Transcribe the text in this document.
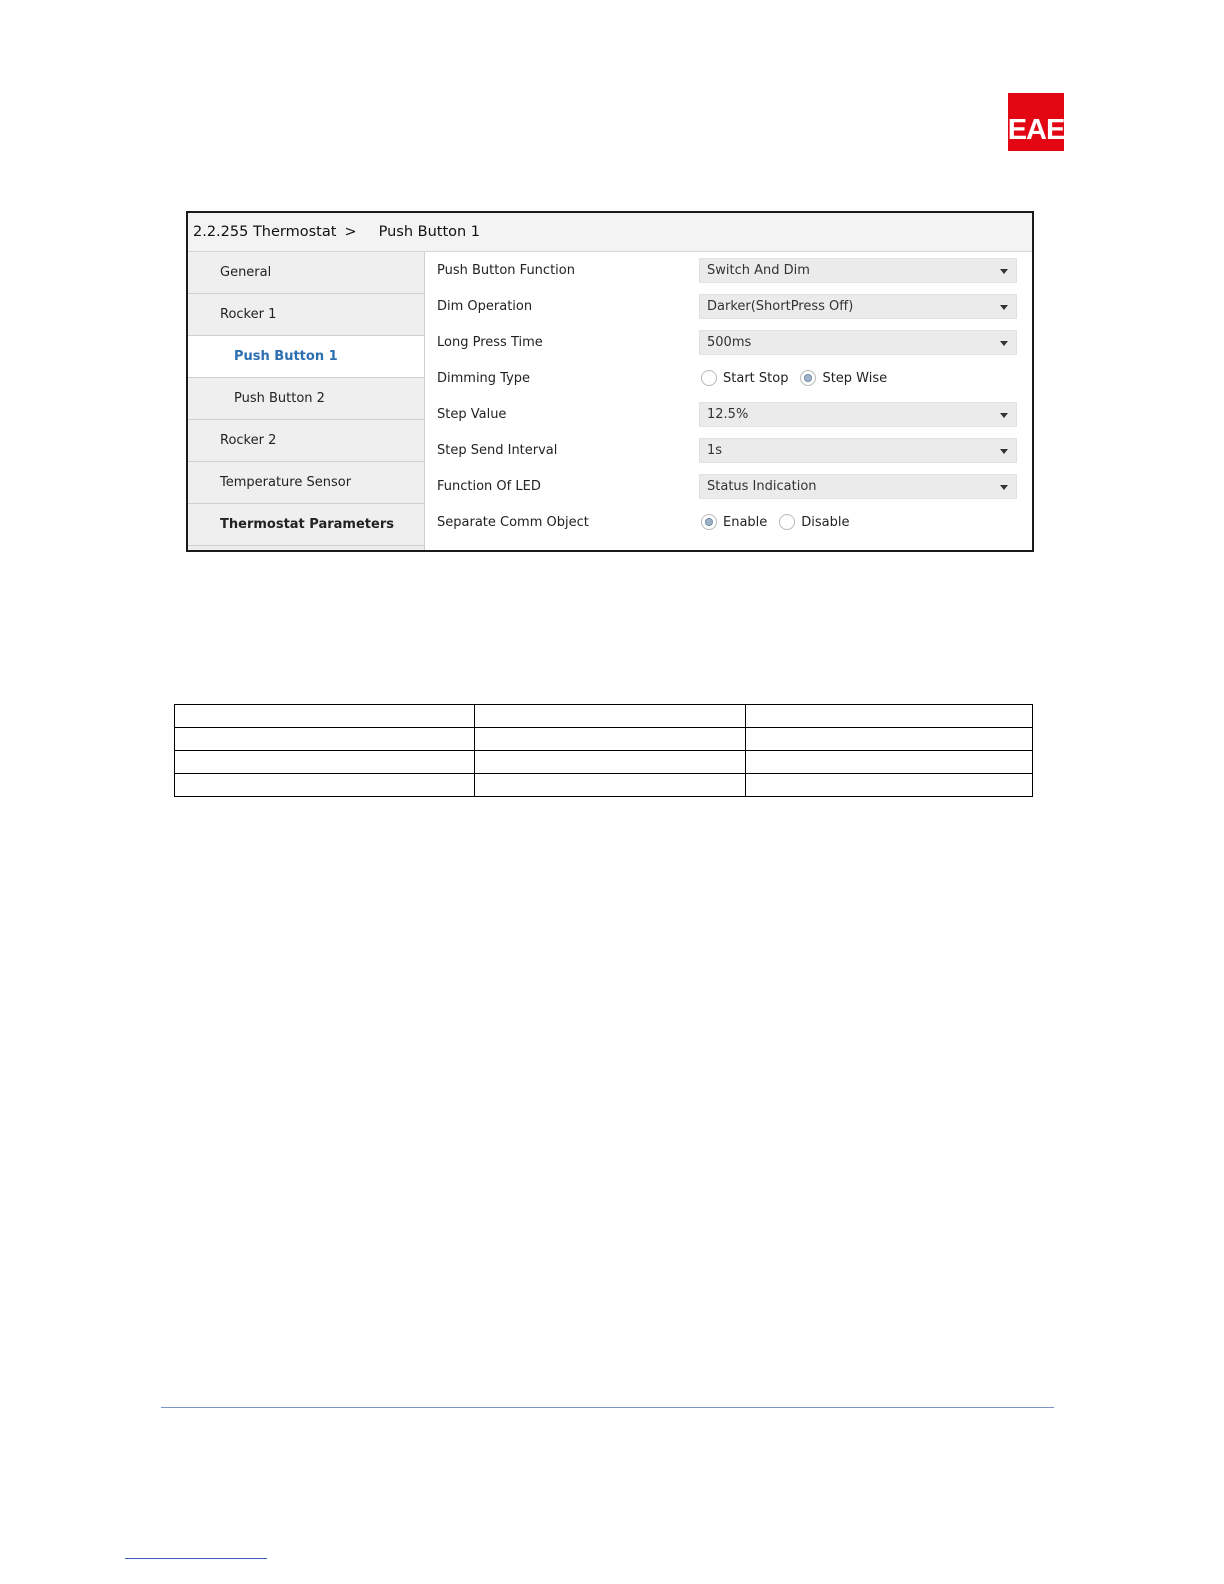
EAE
2.2.255 Thermostat > Push Button 1
General
Rocker 1
Push Button 1
Push Button 2
Rocker 2
Temperature Sensor
Thermostat Parameters
Push Button Function	Switch And Dim
Dim Operation	Darker(ShortPress Off)
Long Press Time	500ms
Dimming Type	Start Stop	Step Wise
Step Value	12.5%
Step Send Interval	1s
Function Of LED	Status Indication
Separate Comm Object	Enable	Disable
